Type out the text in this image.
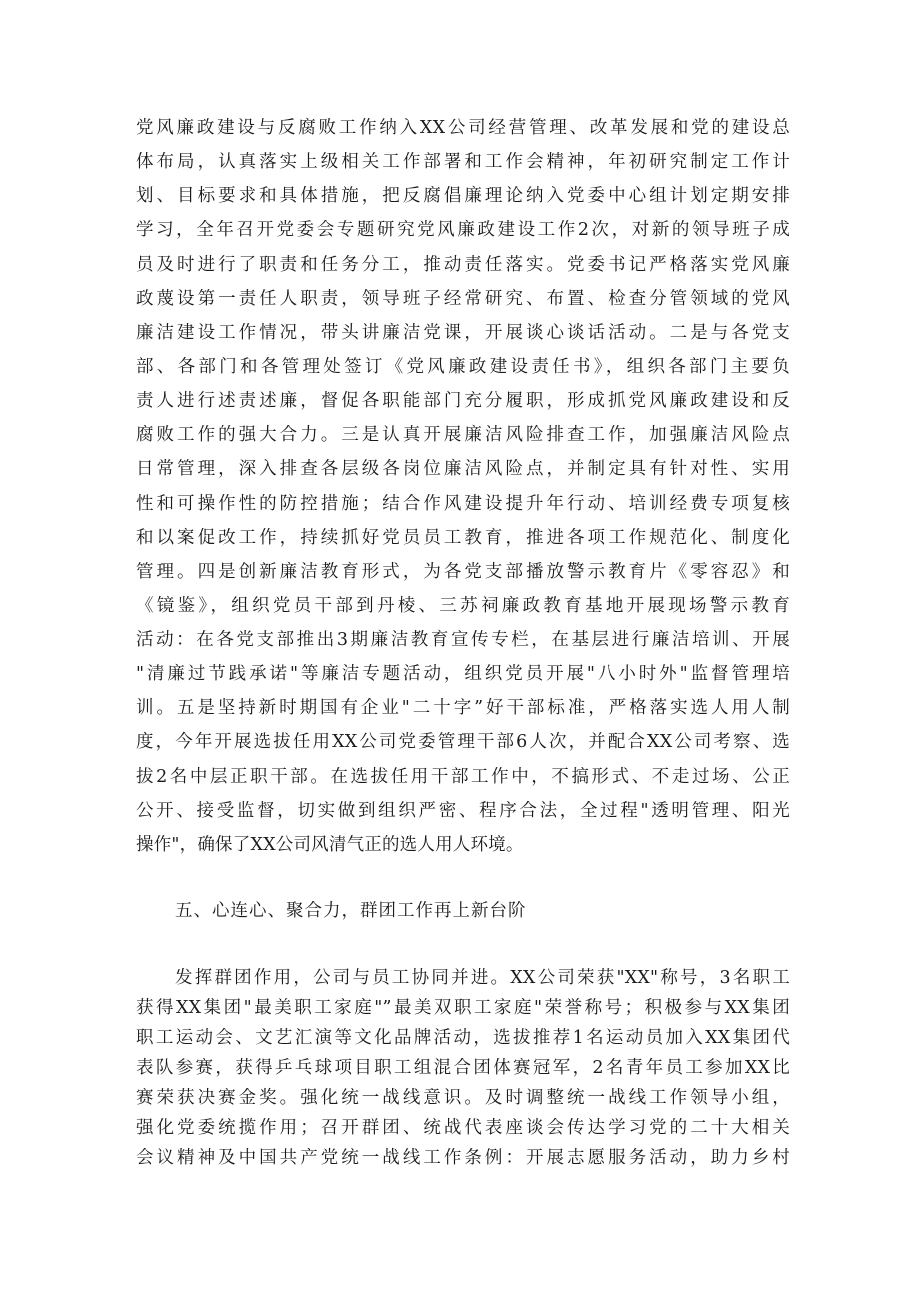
党风廉政建设与反腐败工作纳入XX公司经营管理、改革发展和党的建设总
体布局，认真落实上级相关工作部署和工作会精神，年初研究制定工作计
划、目标要求和具体措施，把反腐倡廉理论纳入党委中心组计划定期安排
学习，全年召开党委会专题研究党风廉政建设工作2次，对新的领导班子成
员及时进行了职责和任务分工，推动责任落实。党委书记严格落实党风廉
政蔑设第一责任人职责，领导班子经常研究、布置、检查分管领域的党风
廉洁建设工作情况，带头讲廉洁党课，开展谈心谈话活动。二是与各党支
部、各部门和各管理处签订《党风廉政建设责任书》，组织各部门主要负
责人进行述责述廉，督促各职能部门充分履职，形成抓党风廉政建设和反
腐败工作的强大合力。三是认真开展廉洁风险排查工作，加强廉洁风险点
日常管理，深入排查各层级各岗位廉洁风险点，并制定具有针对性、实用
性和可操作性的防控措施；结合作风建设提升年行动、培训经费专项复核
和以案促改工作，持续抓好党员员工教育，推进各项工作规范化、制度化
管理。四是创新廉洁教育形式，为各党支部播放警示教育片《零容忍》和
《镜鉴》，组织党员干部到丹棱、三苏祠廉政教育基地开展现场警示教育
活动：在各党支部推出3期廉洁教育宣传专栏，在基层进行廉洁培训、开展
"清廉过节践承诺"等廉洁专题活动，组织党员开展"八小时外"监督管理培
训。五是坚持新时期国有企业"二十字”好干部标准，严格落实选人用人制
度，今年开展选拔任用XX公司党委管理干部6人次，并配合XX公司考察、选
拔2名中层正职干部。在选拔任用干部工作中，不搞形式、不走过场、公正
公开、接受监督，切实做到组织严密、程序合法，全过程"透明管理、阳光
操作"，确保了XX公司风清气正的选人用人环境。
五、心连心、聚合力，群团工作再上新台阶
发挥群团作用，公司与员工协同并进。XX公司荣获"XX"称号，3名职工
获得XX集团"最美职工家庭"”最美双职工家庭"荣誉称号；积极参与XX集团
职工运动会、文艺汇演等文化品牌活动，选拔推荐1名运动员加入XX集团代
表队参赛，获得乒乓球项目职工组混合团体赛冠军，2名青年员工参加XX比
赛荣获决赛金奖。强化统一战线意识。及时调整统一战线工作领导小组，
强化党委统揽作用；召开群团、统战代表座谈会传达学习党的二十大相关
会议精神及中国共产党统一战线工作条例：开展志愿服务活动，助力乡村
